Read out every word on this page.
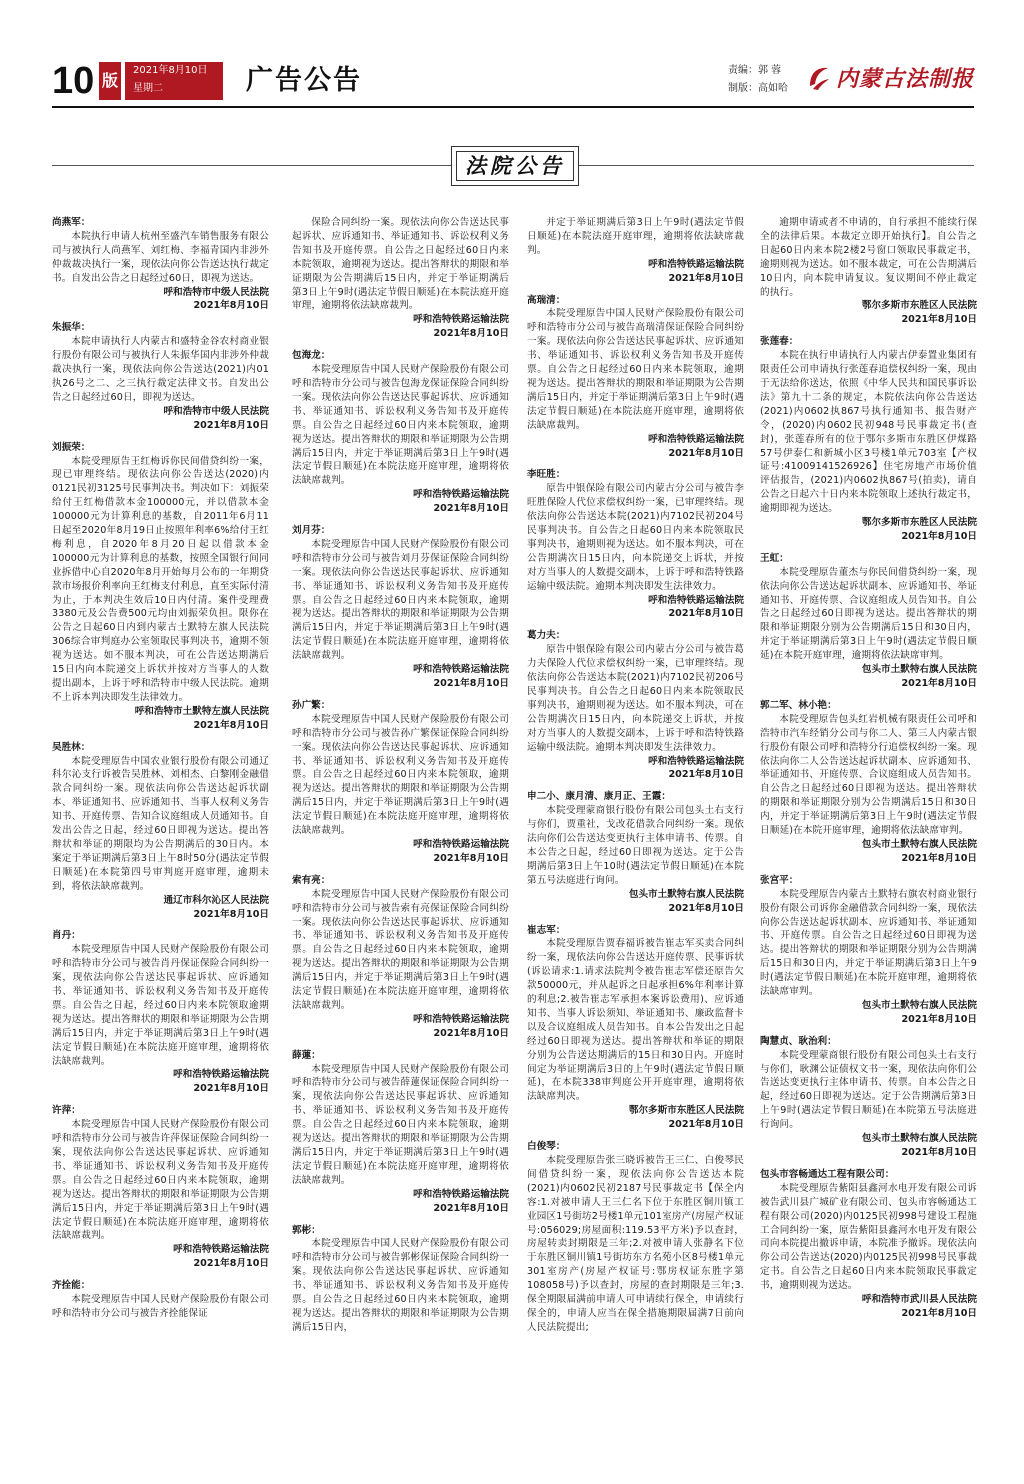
10 版
2021年8月10日
星期二	广告公告	责编：郭 蓉
制版：高如哈 内蒙古法制报
法院公告
尚燕军：
本院执行申请人杭州至盛汽车销售服务有限公司与被执行人尚燕军、刘红梅、李福青国内非涉外仲裁裁决执行一案，现依法向你公告送达执行裁定书。自发出公告之日起经过60日，即视为送达。
呼和浩特市中级人民法院
2021年8月10日
朱振华：
本院申请执行人内蒙古和盛特金谷农村商业银行股份有限公司与被执行人朱振华国内非涉外仲裁裁决执行一案，现依法向你公告送达(2021)内01执26号之二、之三执行裁定法律文书。自发出公告之日起经过60日，即视为送达。
呼和浩特市中级人民法院
2021年8月10日
刘振荣：
本院受理原告王红梅诉你民间借贷纠纷一案，现已审理终结。现依法向你公告送达(2020)内0121民初3125号民事判决书。判决如下：刘振荣给付王红梅借款本金100000元，并以借款本金100000元为计算利息的基数，自2011年6月11日起至2020年8月19日止按照年利率6%给付王红梅利息，自2020年8月20日起以借款本金100000元为计算利息的基数，按照全国银行间同业拆借中心自2020年8月开始每月公布的一年期贷款市场报价利率向王红梅支付利息，直至实际付清为止，于本判决生效后10日内付清。案件受理费3380元及公告费500元均由刘振荣负担。限你在公告之日起60日内到内蒙古土默特左旗人民法院306综合审判庭办公室领取民事判决书，逾期不领视为送达。如不服本判决，可在公告送达期满后15日内向本院递交上诉状并按对方当事人的人数提出副本，上诉于呼和浩特市中级人民法院。逾期不上诉本判决即发生法律效力。
呼和浩特市土默特左旗人民法院
2021年8月10日
吴胜林：
本院受理原告中国农业银行股份有限公司通辽科尔沁支行诉被告吴胜林、刘相杰、白黎刚金融借款合同纠纷一案。现依法向你公告送达起诉状副本、举证通知书、应诉通知书、当事人权利义务告知书、开庭传票、告知合议庭组成人员通知书。自发出公告之日起，经过60日即视为送达。提出答辩状和举证的期限均为公告期满后的30日内。本案定于举证期满后第3日上午8时50分(遇法定节假日顺延)在本院第四号审判庭开庭审理，逾期未到，将依法缺席裁判。
通辽市科尔沁区人民法院
2021年8月10日
肖丹：
本院受理原告中国人民财产保险股份有限公司呼和浩特市分公司与被告肖丹保证保险合同纠纷一案，现依法向你公告送达民事起诉状、应诉通知书、举证通知书、诉讼权利义务告知书及开庭传票。自公告之日起，经过60日内来本院领取逾期视为送达。提出答辩状的期限和举证期限为公告期满后15日内，并定于举证期满后第3日上午9时(遇法定节假日顺延)在本院法庭开庭审理，逾期将依法缺席裁判。
呼和浩特铁路运输法院
2021年8月10日
许萍：
本院受理原告中国人民财产保险股份有限公司呼和浩特市分公司与被告许萍保证保险合同纠纷一案，现依法向你公告送达民事起诉状、应诉通知书、举证通知书、诉讼权利义务告知书及开庭传票。自公告之日起经过60日内来本院领取，逾期视为送达。提出答辩状的期限和举证期限为公告期满后15日内，并定于举证期满后第3日上午9时(遇法定节假日顺延)在本院法庭开庭审理，逾期将依法缺席裁判。
呼和浩特铁路运输法院
2021年8月10日
齐拴能：
本院受理原告中国人民财产保险股份有限公司呼和浩特市分公司与被告齐拴能保证
保险合同纠纷一案。现依法向你公告送达民事起诉状、应诉通知书、举证通知书、诉讼权利义务告知书及开庭传票。自公告之日起经过60日内来本院领取，逾期视为送达。提出答辩状的期限和举证期限为公告期满后15日内，并定于举证期满后第3日上午9时(遇法定节假日顺延)在本院法庭开庭审理，逾期将依法缺席裁判。
呼和浩特铁路运输法院
2021年8月10日
包海龙：
本院受理原告中国人民财产保险股份有限公司呼和浩特市分公司与被告包海龙保证保险合同纠纷一案。现依法向你公告送达民事起诉状、应诉通知书、举证通知书、诉讼权利义务告知书及开庭传票。自公告之日起经过60日内来本院领取，逾期视为送达。提出答辩状的期限和举证期限为公告期满后15日内，并定于举证期满后第3日上午9时(遇法定节假日顺延)在本院法庭开庭审理，逾期将依法缺席裁判。
呼和浩特铁路运输法院
2021年8月10日
刘月芬：
本院受理原告中国人民财产保险股份有限公司呼和浩特市分公司与被告刘月芬保证保险合同纠纷一案。现依法向你公告送达民事起诉状、应诉通知书、举证通知书、诉讼权利义务告知书及开庭传票。自公告之日起经过60日内来本院领取，逾期视为送达。提出答辩状的期限和举证期限为公告期满后15日内，并定于举证期满后第3日上午9时(遇法定节假日顺延)在本院法庭开庭审理，逾期将依法缺席裁判。
呼和浩特铁路运输法院
2021年8月10日
孙广繁：
本院受理原告中国人民财产保险股份有限公司呼和浩特市分公司与被告孙广繁保证保险合同纠纷一案。现依法向你公告送达民事起诉状、应诉通知书、举证通知书、诉讼权利义务告知书及开庭传票。自公告之日起经过60日内来本院领取，逾期视为送达。提出答辩状的期限和举证期限为公告期满后15日内，并定于举证期满后第3日上午9时(遇法定节假日顺延)在本院法庭开庭审理，逾期将依法缺席裁判。
呼和浩特铁路运输法院
2021年8月10日
索有亮：
本院受理原告中国人民财产保险股份有限公司呼和浩特市分公司与被告索有亮保证保险合同纠纷一案。现依法向你公告送达民事起诉状、应诉通知书、举证通知书、诉讼权利义务告知书及开庭传票。自公告之日起经过60日内来本院领取，逾期视为送达。提出答辩状的期限和举证期限为公告期满后15日内，并定于举证期满后第3日上午9时(遇法定节假日顺延)在本院法庭开庭审理，逾期将依法缺席裁判。
呼和浩特铁路运输法院
2021年8月10日
薛蓮：
本院受理原告中国人民财产保险股份有限公司呼和浩特市分公司与被告薛蓮保证保险合同纠纷一案，现依法向你公告送达民事起诉状、应诉通知书、举证通知书、诉讼权利义务告知书及开庭传票。自公告之日起经过60日内来本院领取，逾期视为送达。提出答辩状的期限和举证期限为公告期满后15日内，并定于举证期满后第3日上午9时(遇法定节假日顺延)在本院法庭开庭审理，逾期将依法缺席裁判。
呼和浩特铁路运输法院
2021年8月10日
郭彬：
本院受理原告中国人民财产保险股份有限公司呼和浩特市分公司与被告郭彬保证保险合同纠纷一案。现依法向你公告送达民事起诉状、应诉通知书、举证通知书、诉讼权利义务告知书及开庭传票。自公告之日起经过60日内来本院领取，逾期视为送达。提出答辩状的期限和举证期限为公告期满后15日内，
并定于举证期满后第3日上午9时(遇法定节假日顺延)在本院法庭开庭审理，逾期将依法缺席裁判。
呼和浩特铁路运输法院
2021年8月10日
高瑞清：
本院受理原告中国人民财产保险股份有限公司呼和浩特市分公司与被告高瑞清保证保险合同纠纷一案。现依法向你公告送达民事起诉状、应诉通知书、举证通知书、诉讼权利义务告知书及开庭传票。自公告之日起经过60日内来本院领取，逾期视为送达。提出答辩状的期限和举证期限为公告期满后15日内，并定于举证期满后第3日上午9时(遇法定节假日顺延)在本院法庭开庭审理，逾期将依法缺席裁判。
呼和浩特铁路运输法院
2021年8月10日
李旺胜：
原告中银保险有限公司内蒙古分公司与被告李旺胜保险人代位求偿权纠纷一案，已审理终结。现依法向你公告送达本院(2021)内7102民初204号民事判决书。自公告之日起60日内来本院领取民事判决书，逾期则视为送达。如不服本判决，可在公告期满次日15日内，向本院递交上诉状，并按对方当事人的人数提交副本，上诉于呼和浩特铁路运输中级法院。逾期本判决即发生法律效力。
呼和浩特铁路运输法院
2021年8月10日
葛力夫：
原告中银保险有限公司内蒙古分公司与被告葛力夫保险人代位求偿权纠纷一案，已审理终结。现依法向你公告送达本院(2021)内7102民初206号民事判决书。自公告之日起60日内来本院领取民事判决书，逾期则视为送达。如不服本判决，可在公告期满次日15日内，向本院递交上诉状，并按对方当事人的人数提交副本，上诉于呼和浩特铁路运输中级法院。逾期本判决即发生法律效力。
呼和浩特铁路运输法院
2021年8月10日
申二小、康月清、康月正、王霞：
本院受理蒙商银行股份有限公司包头土右支行与你们，贾重社，戈改花借款合同纠纷一案。现依法向你们公告送达变更执行主体申请书、传票。自本公告之日起，经过60日即视为送达。定于公告期满后第3日上午10时(遇法定节假日顺延)在本院第五号法庭进行询问。
包头市土默特右旗人民法院
2021年8月10日
崔志军：
本院受理原告贾春福诉被告崔志军买卖合同纠纷一案，现依法向你公告送达开庭传票、民事诉状(诉讼请求:1.请求法院判令被告崔志军偿还原告欠款50000元，并从起诉之日起承担6%年利率计算的利息;2.被告崔志军承担本案诉讼费用)、应诉通知书、当事人诉讼须知、举证通知书、廉政监督卡以及合议庭组成人员告知书。自本公告发出之日起经过60日即视为送达。提出答辩状和举证的期限分别为公告送达期满后的15日和30日内。开庭时间定为举证期满后3日的上午9时(遇法定节假日顺延)，在本院338审判庭公开开庭审理，逾期将依法缺席判决。
鄂尔多斯市东胜区人民法院
2021年8月10日
白俊琴：
本院受理原告张三晓诉被告王三仁、白俊琴民间借贷纠纷一案，现依法向你公告送达本院(2021)内0602民初2187号民事裁定书【保全内容:1.对被申请人王三仁名下位于东胜区铜川镇工业园区1号街坊2号楼1单元101室房产(房屋产权证号:056029;房屋面积:119.53平方米)予以查封，房屋转卖封期限是三年;2.对被申请人张静名下位于东胜区铜川镇1号街坊东方名苑小区8号楼1单元301室房产(房屋产权证号:鄂房权证东胜字第108058号)予以查封，房屋的查封期限是三年;3.保全期限届满前申请人可申请续行保全，申请续行保全的，申请人应当在保全措施期限届满7日前向人民法院提出;
逾期申请或者不申请的，自行承担不能续行保全的法律后果。本裁定立即开始执行】。自公告之日起60日内来本院2楼2号窗口领取民事裁定书，逾期则视为送达。如不服本裁定，可在公告期满后10日内，向本院申请复议。复议期间不停止裁定的执行。
鄂尔多斯市东胜区人民法院
2021年8月10日
张莲春：
本院在执行申请执行人内蒙古伊泰置业集团有限责任公司申请执行张莲春追偿权纠纷一案，现由于无法给你送达，依照《中华人民共和国民事诉讼法》第九十二条的规定，本院依法向你公告送达(2021)内0602执867号执行通知书、报告财产令，(2020)内0602民初948号民事裁定书(查封)，张莲春所有的位于鄂尔多斯市东胜区伊煤路57号伊泰仁和新城小区3号楼1单元703室【产权证号:41009141526926】住宅房地产市场价值评估报告，(2021)内0602执867号(拍卖)，请自公告之日起六十日内来本院领取上述执行裁定书，逾期即视为送达。
鄂尔多斯市东胜区人民法院
2021年8月10日
王虹：
本院受理原告董杰与你民间借贷纠纷一案，现依法向你公告送达起诉状副本、应诉通知书、举证通知书、开庭传票、合议庭组成人员告知书。自公告之日起经过60日即视为送达。提出答辩状的期限和举证期限分别为公告期满后15日和30日内，并定于举证期满后第3日上午9时(遇法定节假日顺延)在本院开庭审理，逾期将依法缺席审判。
包头市土默特右旗人民法院
2021年8月10日
郭二军、林小艳：
本院受理原告包头红岩机械有限责任公司呼和浩特市汽车经销分公司与你二人、第三人内蒙古银行股份有限公司呼和浩特分行追偿权纠纷一案。现依法向你二人公告送达起诉状副本、应诉通知书、举证通知书、开庭传票、合议庭组成人员告知书。自公告之日起经过60日即视为送达。提出答辩状的期限和举证期限分别为公告期满后15日和30日内，并定于举证期满后第3日上午9时(遇法定节假日顺延)在本院开庭审理，逾期将依法缺席审判。
包头市土默特右旗人民法院
2021年8月10日
张宫平：
本院受理原告内蒙古土默特右旗农村商业银行股份有限公司诉你金融借款合同纠纷一案，现依法向你公告送达起诉状副本、应诉通知书、举证通知书、开庭传票。自公告之日起经过60日即视为送达。提出答辩状的期限和举证期限分别为公告期满后15日和30日内，并定于举证期满后第3日上午9时(遇法定节假日顺延)在本院开庭审理，逾期将依法缺席审判。
包头市土默特右旗人民法院
2021年8月10日
陶慧贞、耿治利：
本院受理蒙商银行股份有限公司包头土右支行与你们，耿渊公证债权文书一案，现依法向你们公告送达变更执行主体申请书、传票。自本公告之日起，经过60日即视为送达。定于公告期满后第3日上午9时(遇法定节假日顺延)在本院第五号法庭进行询问。
包头市土默特右旗人民法院
2021年8月10日
包头市容畅通达工程有限公司：
本院受理原告紫阳县鑫河水电开发有限公司诉被告武川县广城矿业有限公司、包头市容畅通达工程有限公司(2020)内0125民初998号建设工程施工合同纠纷一案，原告紫阳县鑫河水电开发有限公司向本院提出撤诉申请，本院准予撤诉。现依法向你公司公告送达(2020)内0125民初998号民事裁定书。自公告之日起60日内来本院领取民事裁定书，逾期则视为送达。
呼和浩特市武川县人民法院
2021年8月10日
